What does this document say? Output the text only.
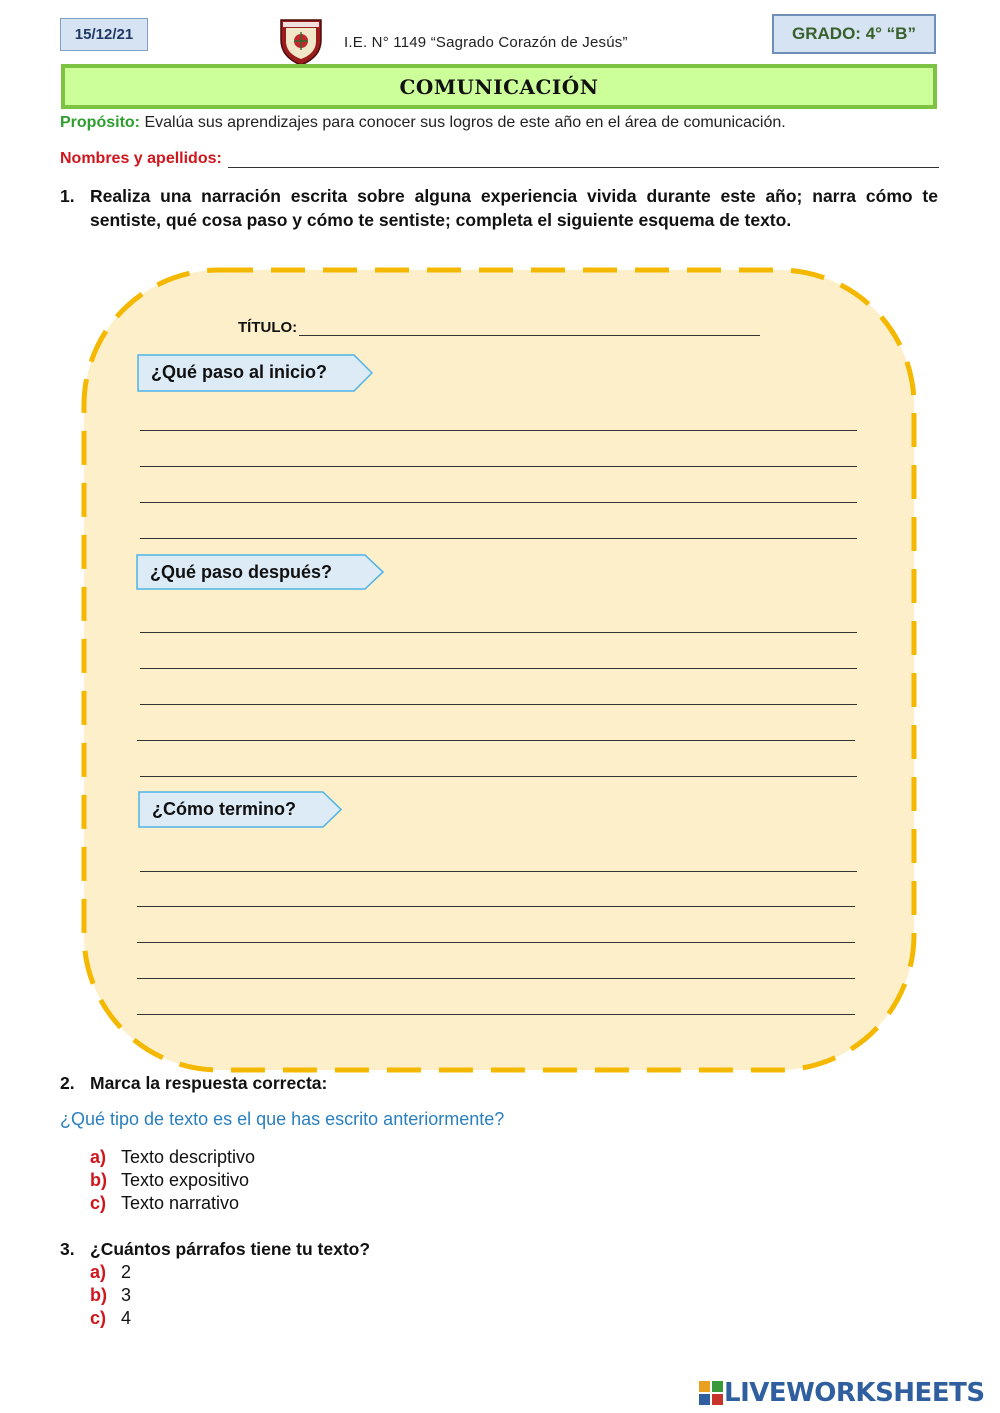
15/12/21	I.E. N° 1149 “Sagrado Corazón de Jesús”	GRADO: 4° “B”
COMUNICACIÓN
Propósito: Evalúa sus aprendizajes para conocer sus logros de este año en el área de comunicación.
Nombres y apellidos:
1. Realiza una narración escrita sobre alguna experiencia vivida durante este año; narra cómo te sentiste, qué cosa paso y cómo te sentiste; completa el siguiente esquema de texto.
TÍTULO:
¿Qué paso al inicio?
¿Qué paso después?
¿Cómo termino?
2. Marca la respuesta correcta:
¿Qué tipo de texto es el que has escrito anteriormente?
a) Texto descriptivo
b) Texto expositivo
c) Texto narrativo
3. ¿Cuántos párrafos tiene tu texto?
a) 2
b) 3
c) 4
LIVEWORKSHEETS
